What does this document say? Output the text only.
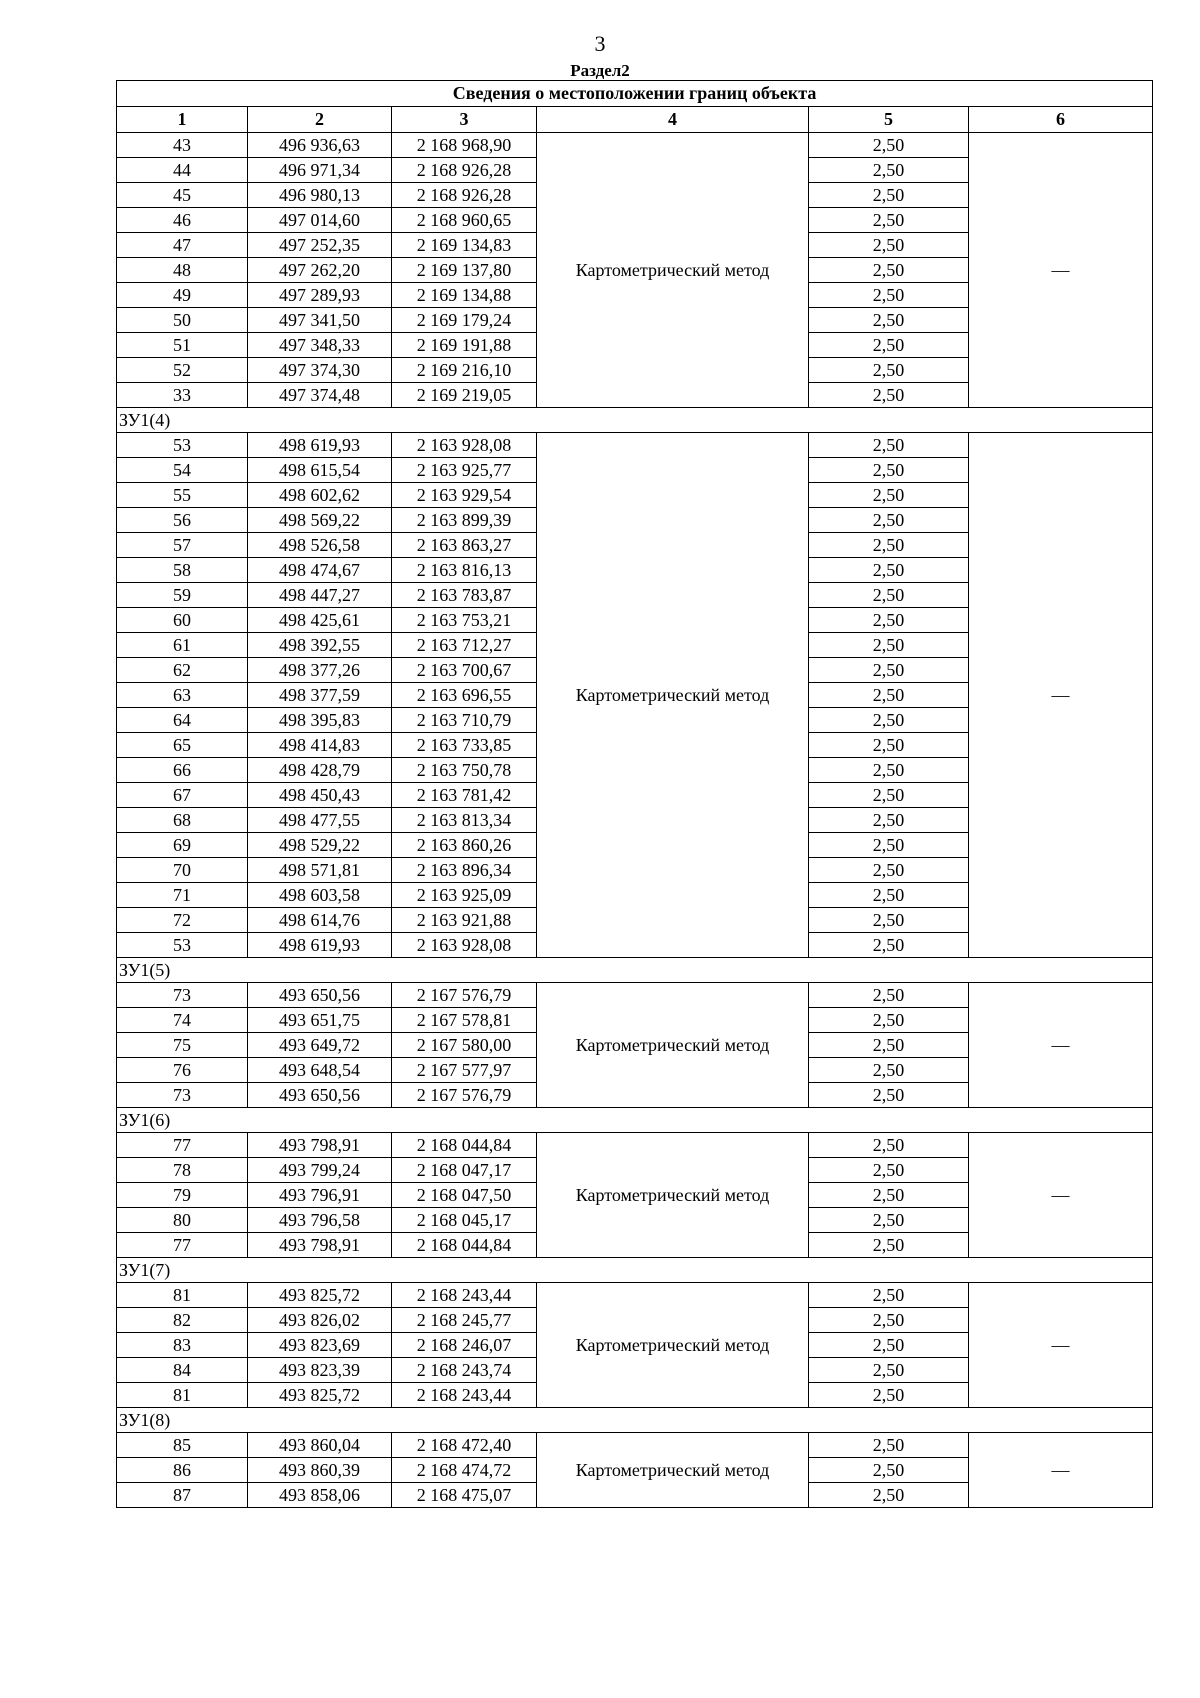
3
Раздел2
Сведения о местоположении границ объекта					
1	2	3	4	5	6
43	496 936,63	2 168 968,90	Картометрический метод	2,50	—
44	496 971,34	2 168 926,28		2,50	
45	496 980,13	2 168 926,28		2,50	
46	497 014,60	2 168 960,65		2,50	
47	497 252,35	2 169 134,83		2,50	
48	497 262,20	2 169 137,80		2,50	
49	497 289,93	2 169 134,88		2,50	
50	497 341,50	2 169 179,24		2,50	
51	497 348,33	2 169 191,88		2,50	
52	497 374,30	2 169 216,10		2,50	
33	497 374,48	2 169 219,05		2,50	
ЗУ1(4)					
53	498 619,93	2 163 928,08	Картометрический метод	2,50	—
54	498 615,54	2 163 925,77		2,50	
55	498 602,62	2 163 929,54		2,50	
56	498 569,22	2 163 899,39		2,50	
57	498 526,58	2 163 863,27		2,50	
58	498 474,67	2 163 816,13		2,50	
59	498 447,27	2 163 783,87		2,50	
60	498 425,61	2 163 753,21		2,50	
61	498 392,55	2 163 712,27		2,50	
62	498 377,26	2 163 700,67		2,50	
63	498 377,59	2 163 696,55		2,50	
64	498 395,83	2 163 710,79		2,50	
65	498 414,83	2 163 733,85		2,50	
66	498 428,79	2 163 750,78		2,50	
67	498 450,43	2 163 781,42		2,50	
68	498 477,55	2 163 813,34		2,50	
69	498 529,22	2 163 860,26		2,50	
70	498 571,81	2 163 896,34		2,50	
71	498 603,58	2 163 925,09		2,50	
72	498 614,76	2 163 921,88		2,50	
53	498 619,93	2 163 928,08		2,50	
ЗУ1(5)					
73	493 650,56	2 167 576,79	Картометрический метод	2,50	—
74	493 651,75	2 167 578,81		2,50	
75	493 649,72	2 167 580,00		2,50	
76	493 648,54	2 167 577,97		2,50	
73	493 650,56	2 167 576,79		2,50	
ЗУ1(6)					
77	493 798,91	2 168 044,84	Картометрический метод	2,50	—
78	493 799,24	2 168 047,17		2,50	
79	493 796,91	2 168 047,50		2,50	
80	493 796,58	2 168 045,17		2,50	
77	493 798,91	2 168 044,84		2,50	
ЗУ1(7)					
81	493 825,72	2 168 243,44	Картометрический метод	2,50	—
82	493 826,02	2 168 245,77		2,50	
83	493 823,69	2 168 246,07		2,50	
84	493 823,39	2 168 243,74		2,50	
81	493 825,72	2 168 243,44		2,50	
ЗУ1(8)					
85	493 860,04	2 168 472,40	Картометрический метод	2,50	—
86	493 860,39	2 168 474,72		2,50	
87	493 858,06	2 168 475,07		2,50	
